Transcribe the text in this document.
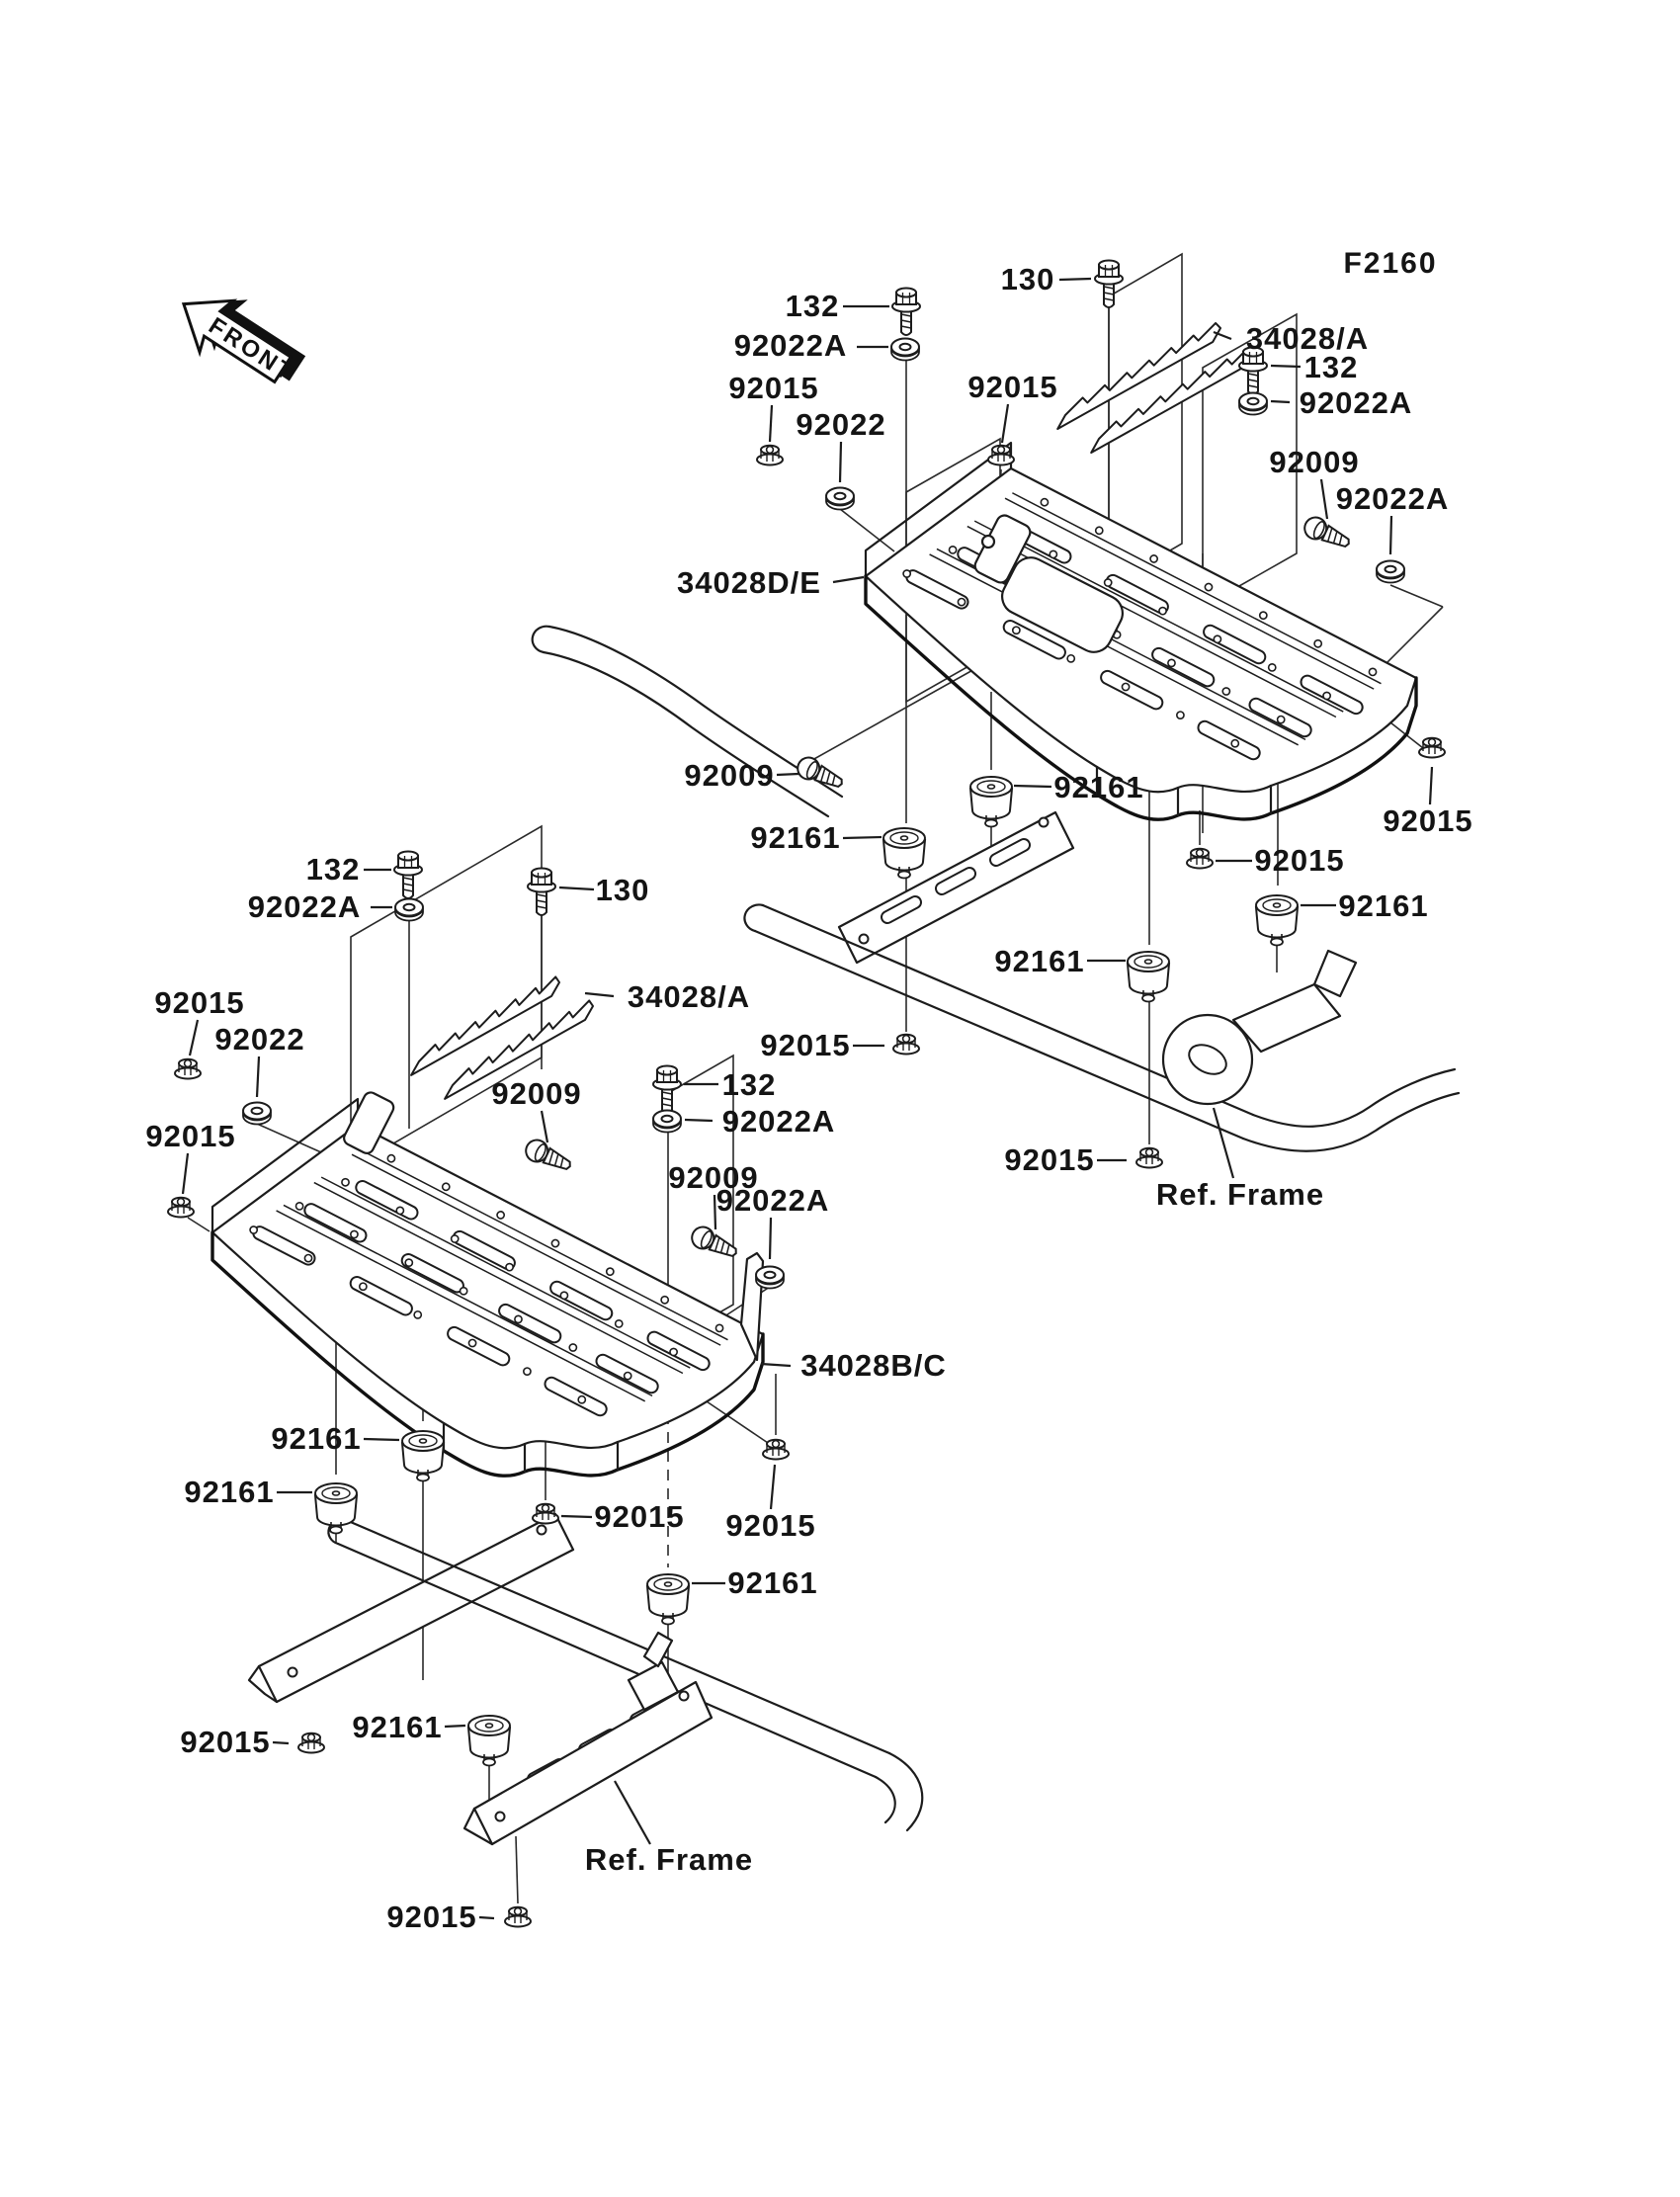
FRONT
F2160
130
132
92022A
92015
92022
92015
34028/A
132
92022A
92009
92022A
34028D/E
92009
92161
92161
92015
92015
92161
92161
92015
92015
Ref. Frame
132
92022A	130
92015
92022
34028/A
132
92022A
92009
92009
92022A
92015
34028B/C
92161
92161
92015 92015
92161
92015	92161
Ref. Frame
92015
